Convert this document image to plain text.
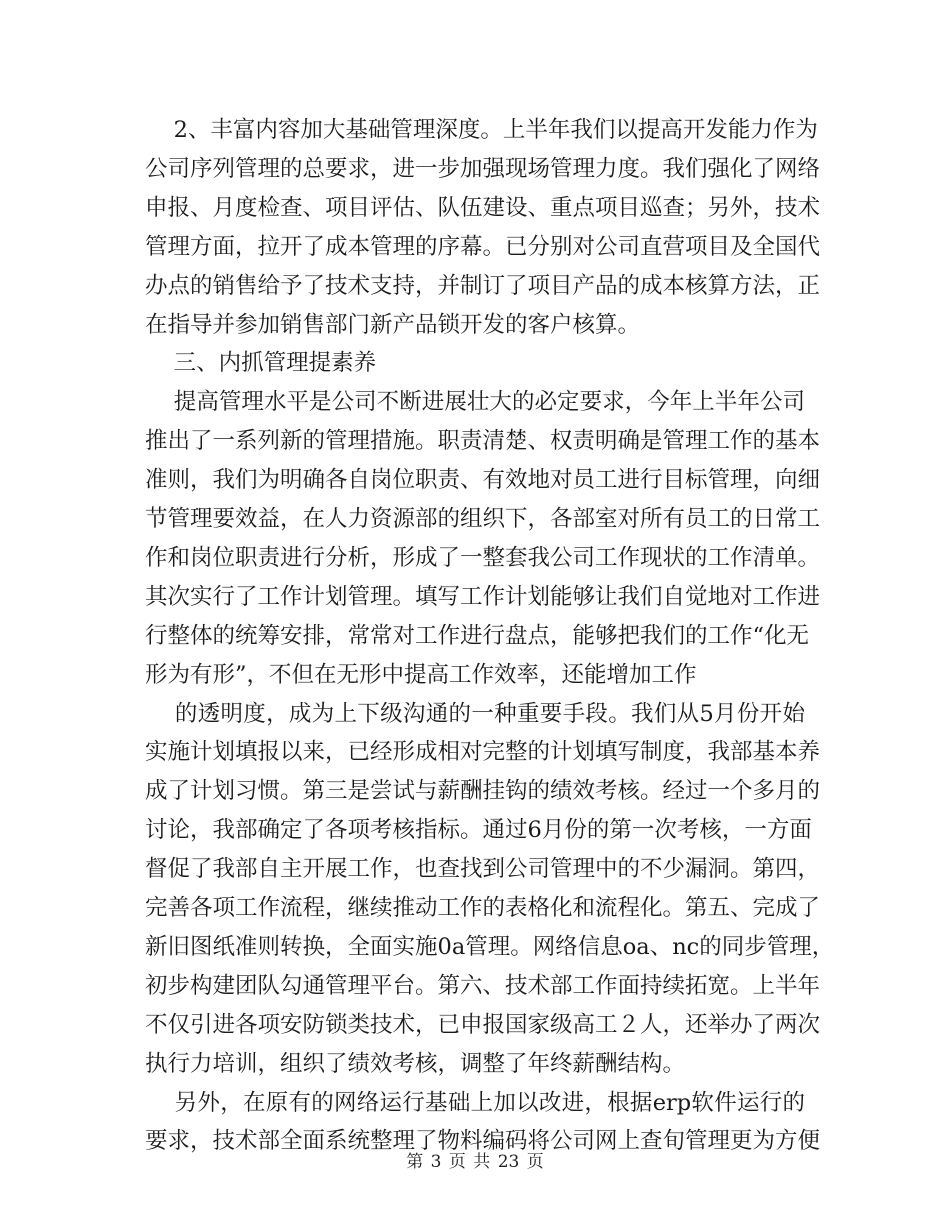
2、丰富内容加大基础管理深度。上半年我们以提高开发能力作为
公司序列管理的总要求，进一步加强现场管理力度。我们强化了网络
申报、月度检查、项目评估、队伍建设、重点项目巡查；另外，技术
管理方面，拉开了成本管理的序幕。已分别对公司直营项目及全国代
办点的销售给予了技术支持，并制订了项目产品的成本核算方法，正
在指导并参加销售部门新产品锁开发的客户核算。
三、内抓管理提素养
提高管理水平是公司不断进展壮大的必定要求，今年上半年公司
推出了一系列新的管理措施。职责清楚、权责明确是管理工作的基本
准则，我们为明确各自岗位职责、有效地对员工进行目标管理，向细
节管理要效益，在人力资源部的组织下，各部室对所有员工的日常工
作和岗位职责进行分析，形成了一整套我公司工作现状的工作清单。
其次实行了工作计划管理。填写工作计划能够让我们自觉地对工作进
行整体的统筹安排，常常对工作进行盘点，能够把我们的工作“化无
形为有形”，不但在无形中提高工作效率，还能增加工作
的透明度，成为上下级沟通的一种重要手段。我们从5月份开始
实施计划填报以来，已经形成相对完整的计划填写制度，我部基本养
成了计划习惯。第三是尝试与薪酬挂钩的绩效考核。经过一个多月的
讨论，我部确定了各项考核指标。通过6月份的第一次考核，一方面
督促了我部自主开展工作，也查找到公司管理中的不少漏洞。第四，
完善各项工作流程，继续推动工作的表格化和流程化。第五、完成了
新旧图纸准则转换，全面实施0a管理。网络信息oa、nc的同步管理，
初步构建团队勾通管理平台。第六、技术部工作面持续拓宽。上半年
不仅引进各项安防锁类技术，已申报国家级高工２人，还举办了两次
执行力培训，组织了绩效考核，调整了年终薪酬结构。
另外，在原有的网络运行基础上加以改进，根据erp软件运行的
要求，技术部全面系统整理了物料编码将公司网上查旬管理更为方便
第 3 页 共 23 页
